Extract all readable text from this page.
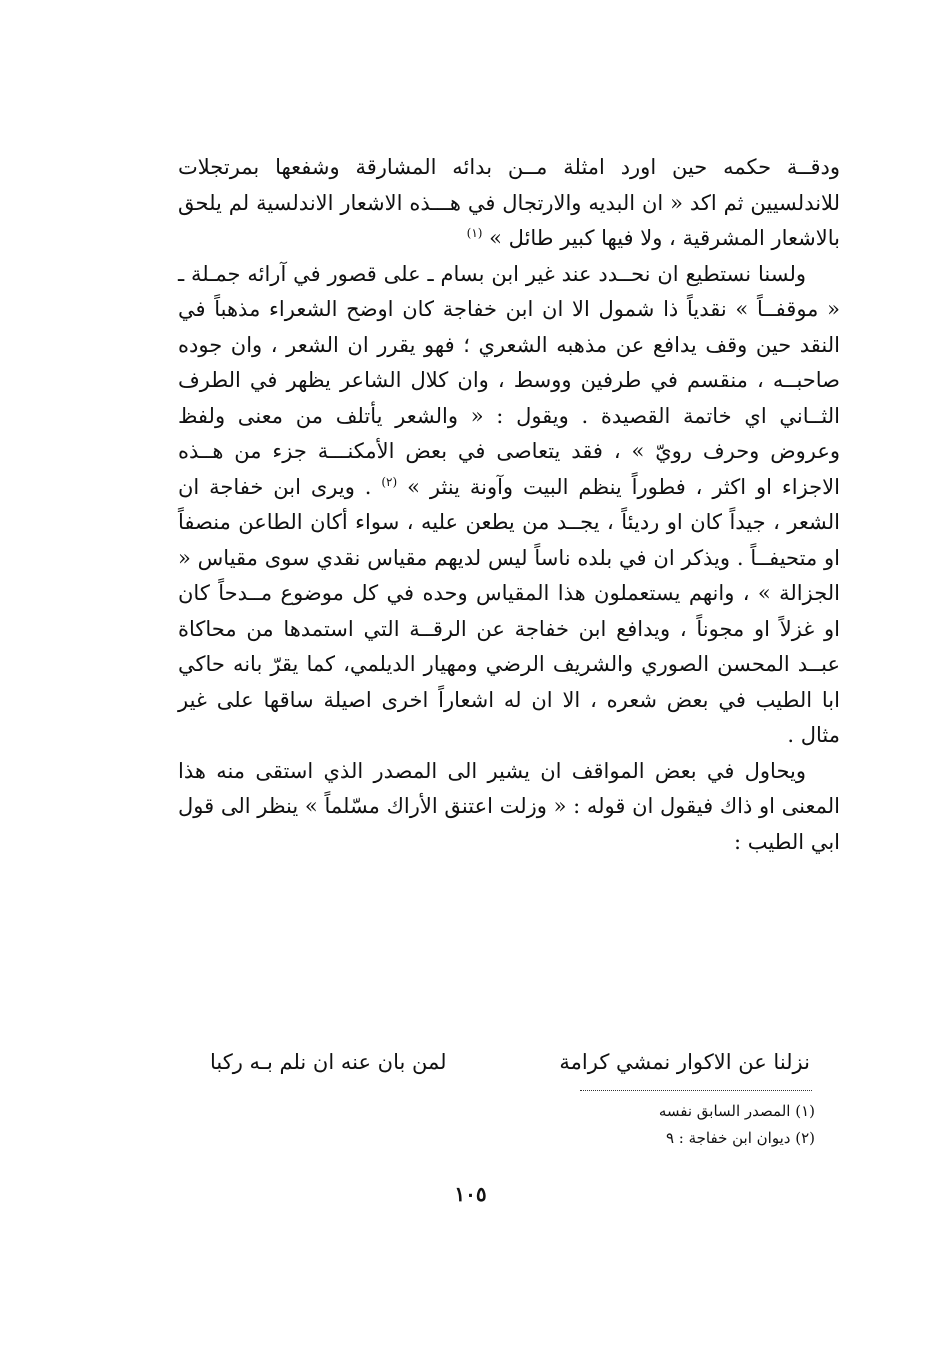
ودقــة حكمه حين اورد امثلة مــن بدائه المشارقة وشفعها بمرتجلات للاندلسيين ثم اكد « ان البديه والارتجال في هـــذه الاشعار الاندلسية لم يلحق بالاشعار المشرقية ، ولا فيها كبير طائل » $^{(١)}$

ولسنا نستطيع ان نحــدد عند غير ابن بسام ـ على قصور في آرائه جمـلة ـ « موقفــاً » نقدياً ذا شمول الا ان ابن خفاجة كان اوضح الشعراء مذهباً في النقد حين وقف يدافع عن مذهبه الشعري ؛ فهو يقرر ان الشعر ، وان جوده صاحبــه ، منقسم في طرفين ووسط ، وان كلال الشاعر يظهر في الطرف الثــاني اي خاتمة القصيدة . ويقول : « والشعر يأتلف من معنى ولفظ وعروض وحرف رويّ » ، فقد يتعاصى في بعض الأمكنـــة جزء من هــذه الاجزاء او اكثر ، فطوراً ينظم البيت وآونة ينثر » $^{(٢)}$ . ويرى ابن خفاجة ان الشعر ، جيداً كان او رديئاً ، يجــد من يطعن عليه ، سواء أكان الطاعن منصفاً او متحيفــاً . ويذكر ان في بلده ناساً ليس لديهم مقياس نقدي سوى مقياس « الجزالة » ، وانهم يستعملون هذا المقياس وحده في كل موضوع مــدحاً كان او غزلاً او مجوناً ، ويدافع ابن خفاجة عن الرقــة التي استمدها من محاكاة عبــد المحسن الصوري والشريف الرضي ومهيار الديلمي، كما يقرّ بانه حاكي ابا الطيب في بعض شعره ، الا ان له اشعاراً اخرى اصيلة ساقها على غير مثال .

ويحاول في بعض المواقف ان يشير الى المصدر الذي استقى منه هذا المعنى او ذاك فيقول ان قوله : « وزلت اعتنق الأراك مسّلماً » ينظر الى قول ابي الطيب :

نزلنا عن الاكوار نمشي كرامة
لمن بان عنه ان نلم بـه ركبا

(١) المصدر السابق نفسه

(٢) ديوان ابن خفاجة : ٩

١٠٥
